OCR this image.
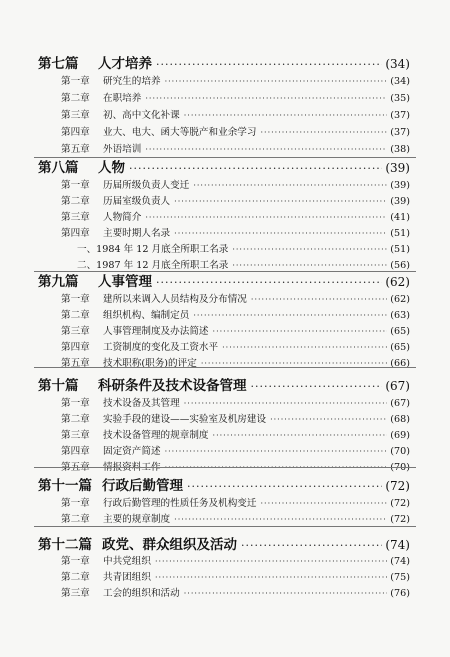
第七篇	人才培养 ·····	(34)
第一章 研究生的培养 ·····	(34)
第二章 在职培养 ·····	(35)
第三章 初、高中文化补课 ·····	(37)
第四章 业大、电大、函大等脱产和业余学习 ·····	(37)
第五章 外语培训 ·····	(38)
第八篇	人物 ·····	(39)
第一章 历届所级负责人变迁 ·····	(39)
第二章 历届室级负责人 ·····	(39)
第三章 人物简介 ·····	(41)
第四章 主要时期人名录 ·····	(51)
一、1984 年 12 月底全所职工名录 ·····	(51)
二、1987 年 12 月底全所职工名录 ·····	(56)
第九篇	人事管理 ·····	(62)
第一章 建所以来调入人员结构及分布情况 ·····	(62)
第二章 组织机构、编制定员 ·····	(63)
第三章 人事管理制度及办法简述 ·····	(65)
第四章 工资制度的变化及工资水平 ·····	(65)
第五章 技术职称(职务)的评定 ·····	(66)
第十篇	科研条件及技术设备管理 ·····	(67)
第一章 技术设备及其管理 ·····	(67)
第二章 实验手段的建设——实验室及机房建设 ·····	(68)
第三章 技术设备管理的规章制度 ·····	(69)
第四章 固定资产简述 ·····	(70)
第五章 情报资料工作 ·····	(70)
第十一篇 行政后勤管理 ·····	(72)
第一章 行政后勤管理的性质任务及机构变迁 ·····	(72)
第二章 主要的规章制度 ·····	(72)
第十二篇 政党、群众组织及活动 ·····	(74)
第一章 中共党组织 ·····	(74)
第二章 共青团组织 ·····	(75)
第三章 工会的组织和活动 ·····	(76)
